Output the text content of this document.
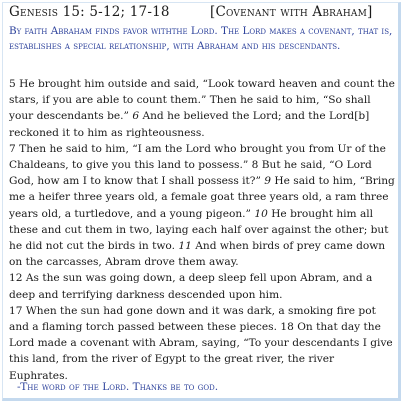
Genesis 15: 5-12; 17-18	[Covenant with Abraham]
By faith Abraham finds favor withthe Lord. The Lord makes a covenant, that is, establishes a special relationship, with Abraham and his descendants.

5 He brought him outside and said, “Look toward heaven and count the stars, if you are able to count them.” Then he said to him, “So shall your descendants be.” 6 And he believed the Lord; and the Lord[b] reckoned it to him as righteousness.

7 Then he said to him, “I am the Lord who brought you from Ur of the Chaldeans, to give you this land to possess.” 8 But he said, “O Lord God, how am I to know that I shall possess it?” 9 He said to him, “Bring me a heifer three years old, a female goat three years old, a ram three years old, a turtledove, and a young pigeon.” 10 He brought him all these and cut them in two, laying each half over against the other; but he did not cut the birds in two. 11 And when birds of prey came down on the carcasses, Abram drove them away.

12 As the sun was going down, a deep sleep fell upon Abram, and a deep and terrifying darkness descended upon him.

17 When the sun had gone down and it was dark, a smoking fire pot and a flaming torch passed between these pieces. 18 On that day the Lord made a covenant with Abram, saying, “To your descendants I give this land, from the river of Egypt to the great river, the river Euphrates.

-The word of the Lord. Thanks be to god.
